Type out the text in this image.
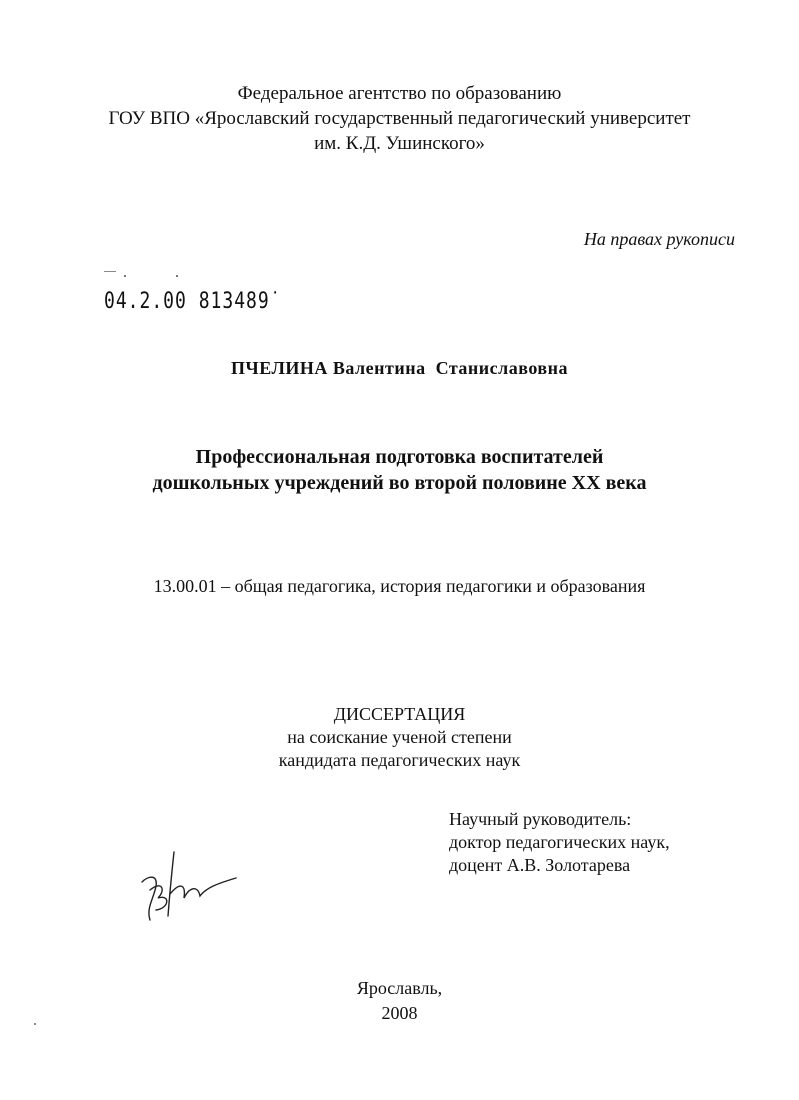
Федеральное агентство по образованию
ГОУ ВПО «Ярославский государственный педагогический университет
им. К.Д. Ушинского»
На правах рукописи
‾‾ ·	·
04.2.00 813489˙
ПЧЕЛИНА Валентина  Станиславовна
Профессиональная подготовка воспитателей
дошкольных учреждений во второй половине XX века
13.00.01 – общая педагогика, история педагогики и образования
ДИССЕРТАЦИЯ
на соискание ученой степени
кандидата педагогических наук
Научный руководитель:
доктор педагогических наук,
доцент А.В. Золотарева
Ярославль,
2008
